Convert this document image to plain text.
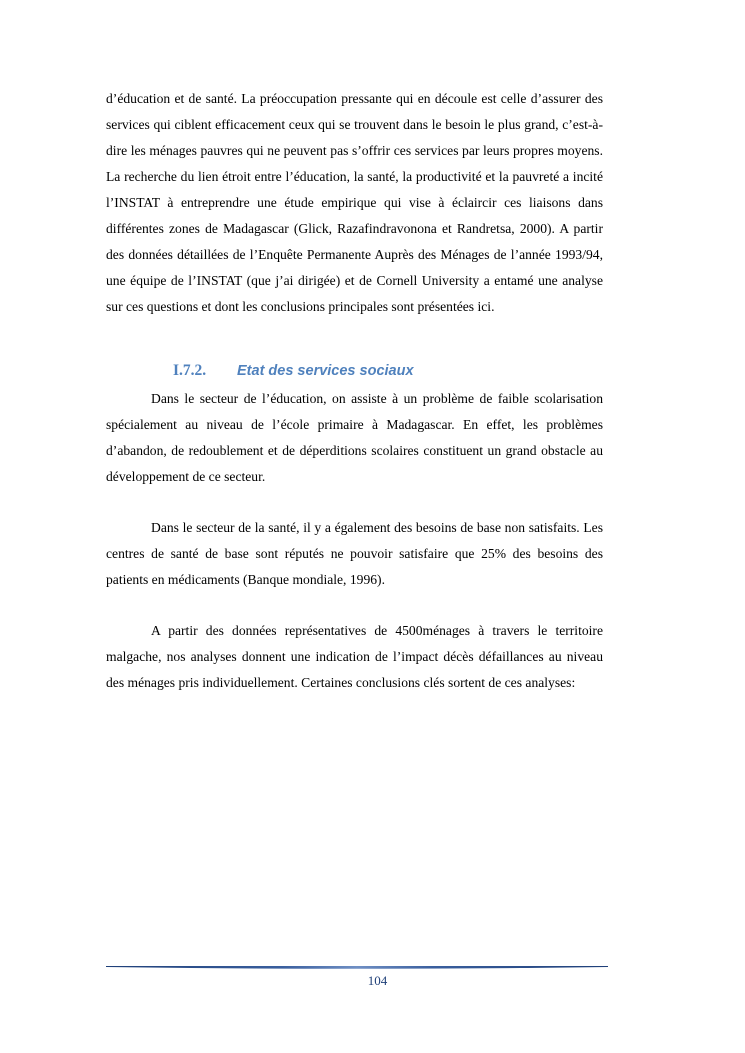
d’éducation et de santé. La préoccupation pressante qui en découle est celle d’assurer des services qui ciblent efficacement ceux qui se trouvent dans le besoin le plus grand, c’est-à-dire les ménages pauvres qui ne peuvent pas s’offrir ces services par leurs propres moyens. La recherche du lien étroit entre l’éducation, la santé, la productivité et la pauvreté a incité l’INSTAT à entreprendre une étude empirique qui vise à éclaircir ces liaisons dans différentes zones de Madagascar (Glick, Razafindravonona et Randretsa, 2000). A partir des données détaillées de l’Enquête Permanente Auprès des Ménages de l’année 1993/94, une équipe de l’INSTAT (que j’ai dirigée) et de Cornell University a entamé une analyse sur ces questions et dont les conclusions principales sont présentées ici.

I.7.2.	Etat des services sociaux

Dans le secteur de l’éducation, on assiste à un problème de faible scolarisation spécialement au niveau de l’école primaire à Madagascar. En effet, les problèmes d’abandon, de redoublement et de déperditions scolaires constituent un grand obstacle au développement de ce secteur.

Dans le secteur de la santé, il y a également des besoins de base non satisfaits. Les centres de santé de base sont réputés ne pouvoir satisfaire que 25% des besoins des patients en médicaments (Banque mondiale, 1996).

A partir des données représentatives de 4500ménages à travers le territoire malgache, nos analyses donnent une indication de l’impact décès défaillances au niveau des ménages pris individuellement. Certaines conclusions clés sortent de ces analyses:

104
